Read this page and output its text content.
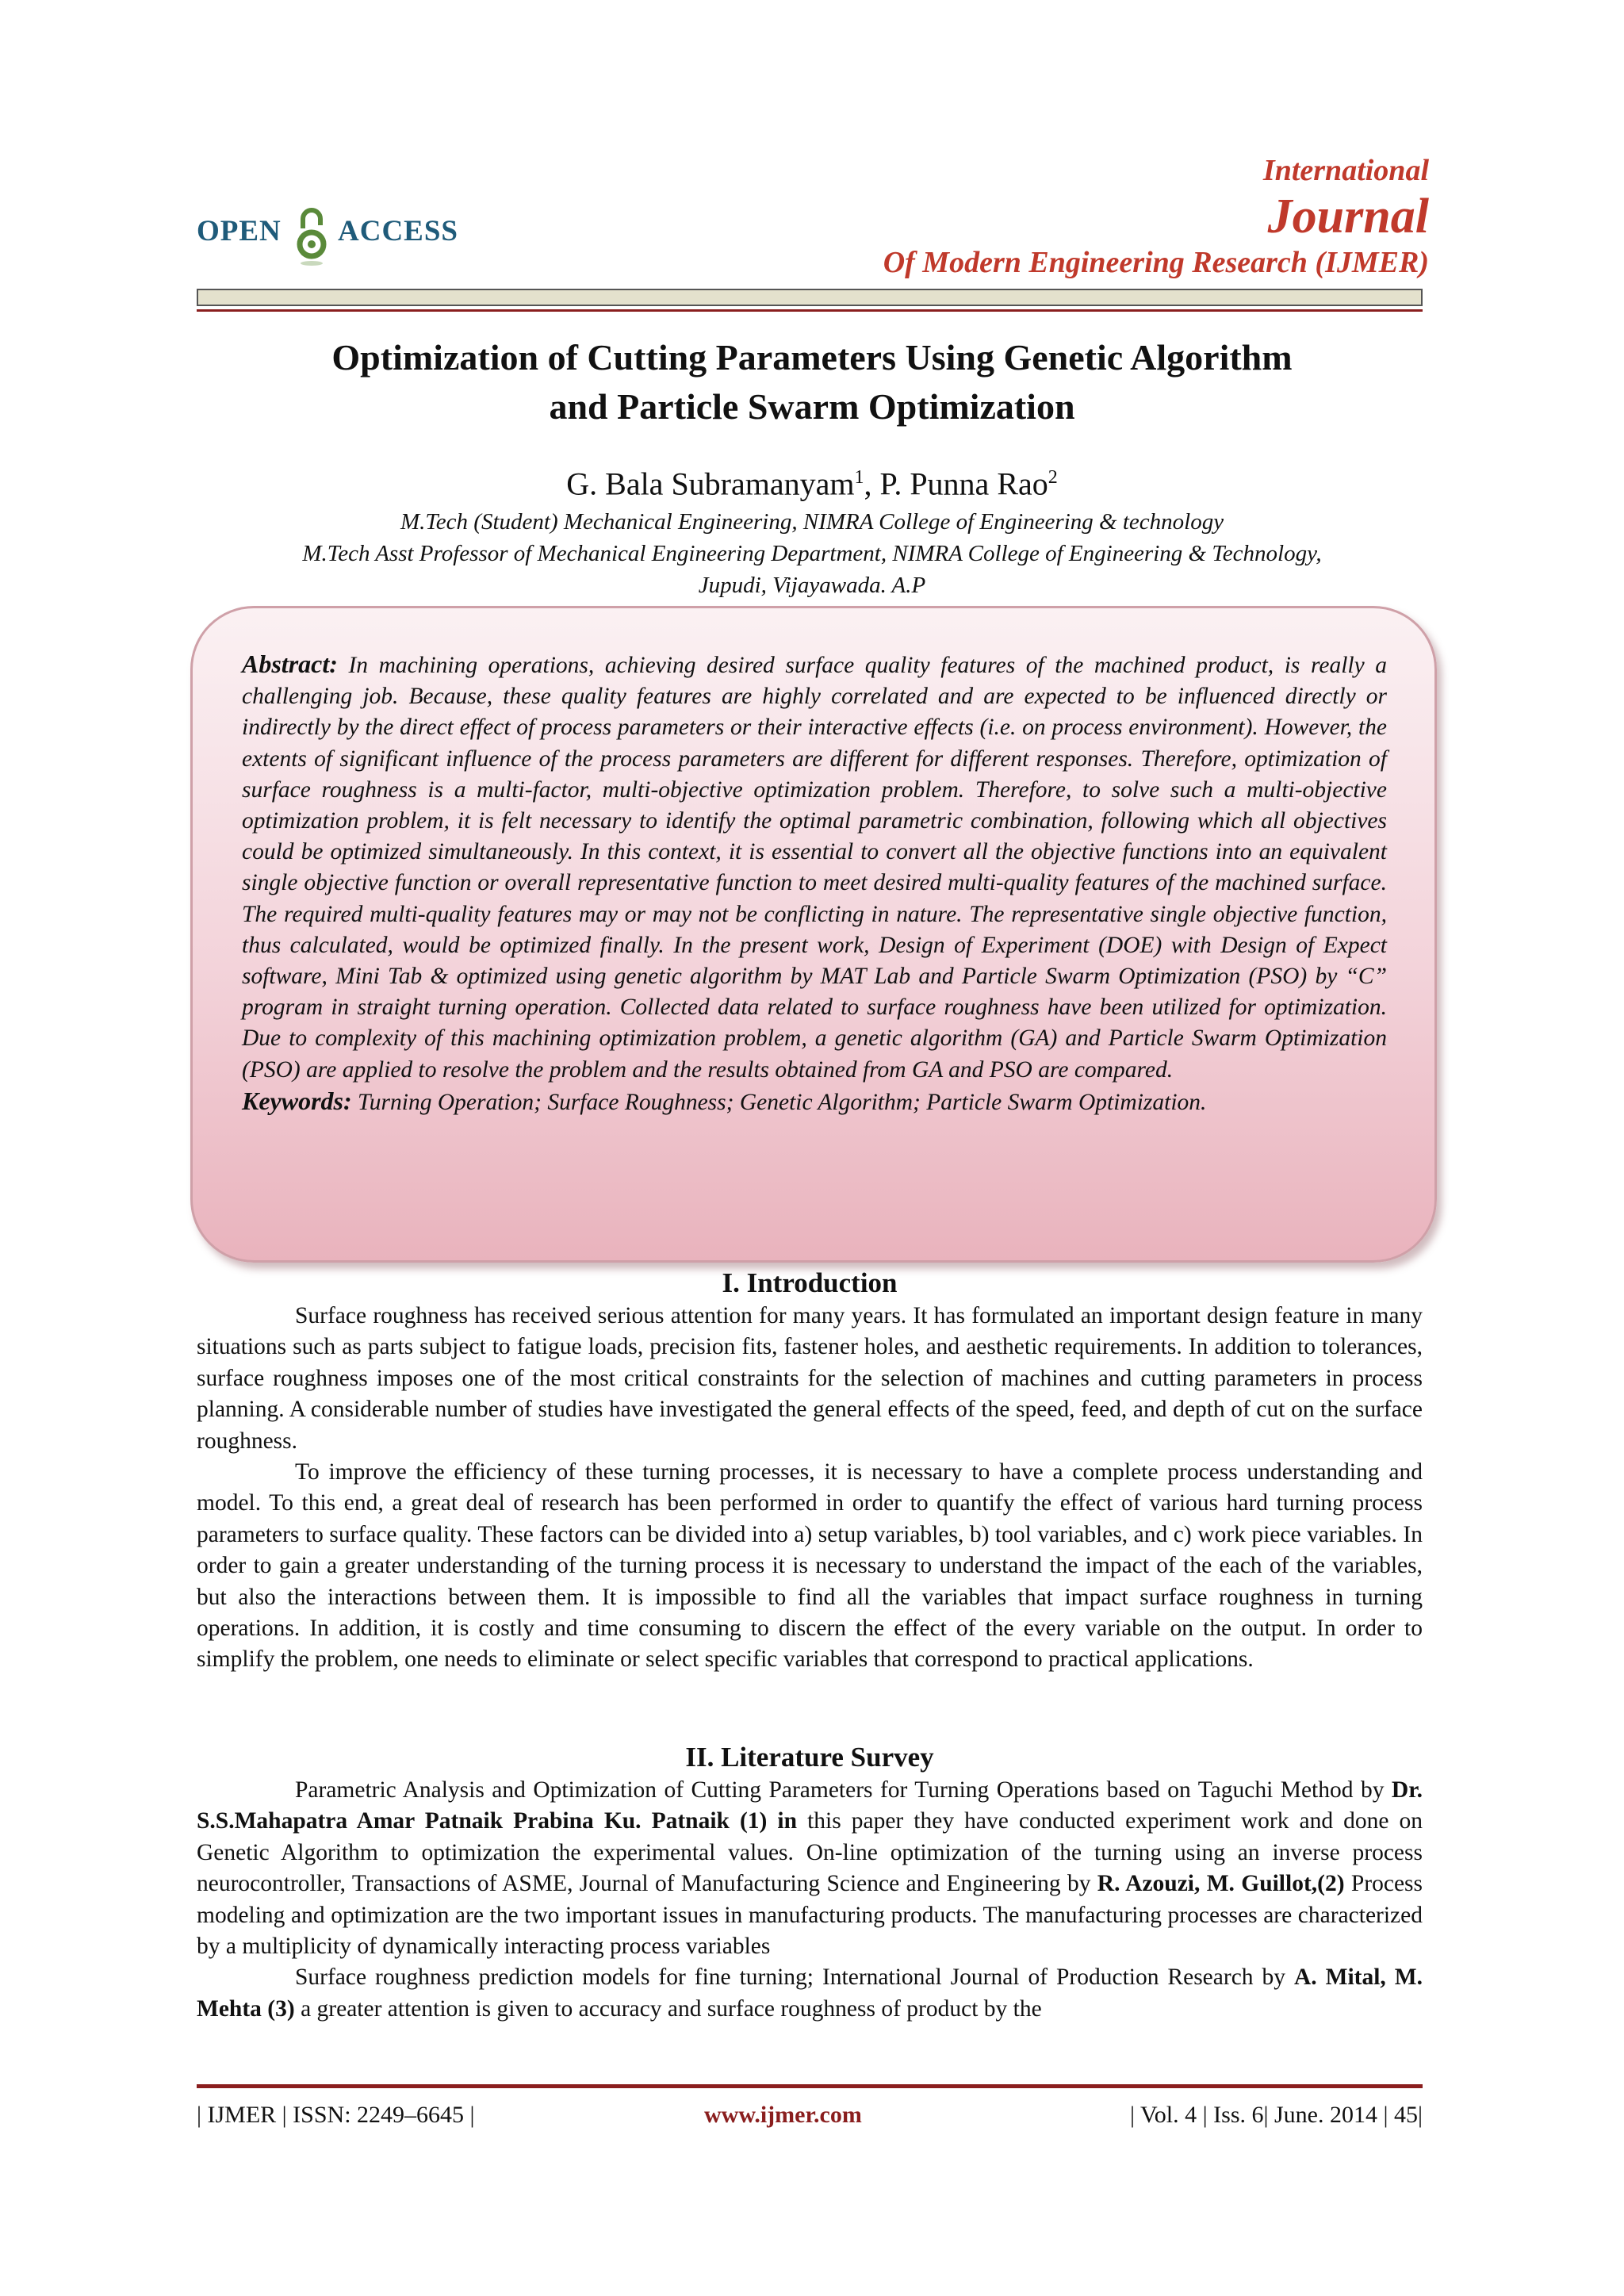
OPEN ACCESS
International
Journal
Of Modern Engineering Research (IJMER)
Optimization of Cutting Parameters Using Genetic Algorithm
and Particle Swarm Optimization
G. Bala Subramanyam$^1$, P. Punna Rao$^2$
M.Tech (Student) Mechanical Engineering, NIMRA College of Engineering & technology
M.Tech Asst Professor of Mechanical Engineering Department, NIMRA College of Engineering & Technology,
Jupudi, Vijayawada. A.P
Abstract: In machining operations, achieving desired surface quality features of the machined product, is really a challenging job. Because, these quality features are highly correlated and are expected to be influenced directly or indirectly by the direct effect of process parameters or their interactive effects (i.e. on process environment). However, the extents of significant influence of the process parameters are different for different responses. Therefore, optimization of surface roughness is a multi-factor, multi-objective optimization problem. Therefore, to solve such a multi-objective optimization problem, it is felt necessary to identify the optimal parametric combination, following which all objectives could be optimized simultaneously. In this context, it is essential to convert all the objective functions into an equivalent single objective function or overall representative function to meet desired multi-quality features of the machined surface. The required multi-quality features may or may not be conflicting in nature. The representative single objective function, thus calculated, would be optimized finally. In the present work, Design of Experiment (DOE) with Design of Expect software, Mini Tab & optimized using genetic algorithm by MAT Lab and Particle Swarm Optimization (PSO) by “C” program in straight turning operation. Collected data related to surface roughness have been utilized for optimization. Due to complexity of this machining optimization problem, a genetic algorithm (GA) and Particle Swarm Optimization (PSO) are applied to resolve the problem and the results obtained from GA and PSO are compared.
Keywords: Turning Operation; Surface Roughness; Genetic Algorithm; Particle Swarm Optimization.
I. Introduction
Surface roughness has received serious attention for many years. It has formulated an important design feature in many situations such as parts subject to fatigue loads, precision fits, fastener holes, and aesthetic requirements. In addition to tolerances, surface roughness imposes one of the most critical constraints for the selection of machines and cutting parameters in process planning. A considerable number of studies have investigated the general effects of the speed, feed, and depth of cut on the surface roughness.
To improve the efficiency of these turning processes, it is necessary to have a complete process understanding and model. To this end, a great deal of research has been performed in order to quantify the effect of various hard turning process parameters to surface quality. These factors can be divided into a) setup variables, b) tool variables, and c) work piece variables. In order to gain a greater understanding of the turning process it is necessary to understand the impact of the each of the variables, but also the interactions between them. It is impossible to find all the variables that impact surface roughness in turning operations. In addition, it is costly and time consuming to discern the effect of the every variable on the output. In order to simplify the problem, one needs to eliminate or select specific variables that correspond to practical applications.
II. Literature Survey
Parametric Analysis and Optimization of Cutting Parameters for Turning Operations based on Taguchi Method by Dr. S.S.Mahapatra Amar Patnaik Prabina Ku. Patnaik (1) in this paper they have conducted experiment work and done on Genetic Algorithm to optimization the experimental values. On-line optimization of the turning using an inverse process neurocontroller, Transactions of ASME, Journal of Manufacturing Science and Engineering by R. Azouzi, M. Guillot,(2) Process modeling and optimization are the two important issues in manufacturing products. The manufacturing processes are characterized by a multiplicity of dynamically interacting process variables
Surface roughness prediction models for fine turning; International Journal of Production Research by A. Mital, M. Mehta (3) a greater attention is given to accuracy and surface roughness of product by the
| IJMER | ISSN: 2249–6645 |	www.ijmer.com	| Vol. 4 | Iss. 6| June. 2014 | 45|
